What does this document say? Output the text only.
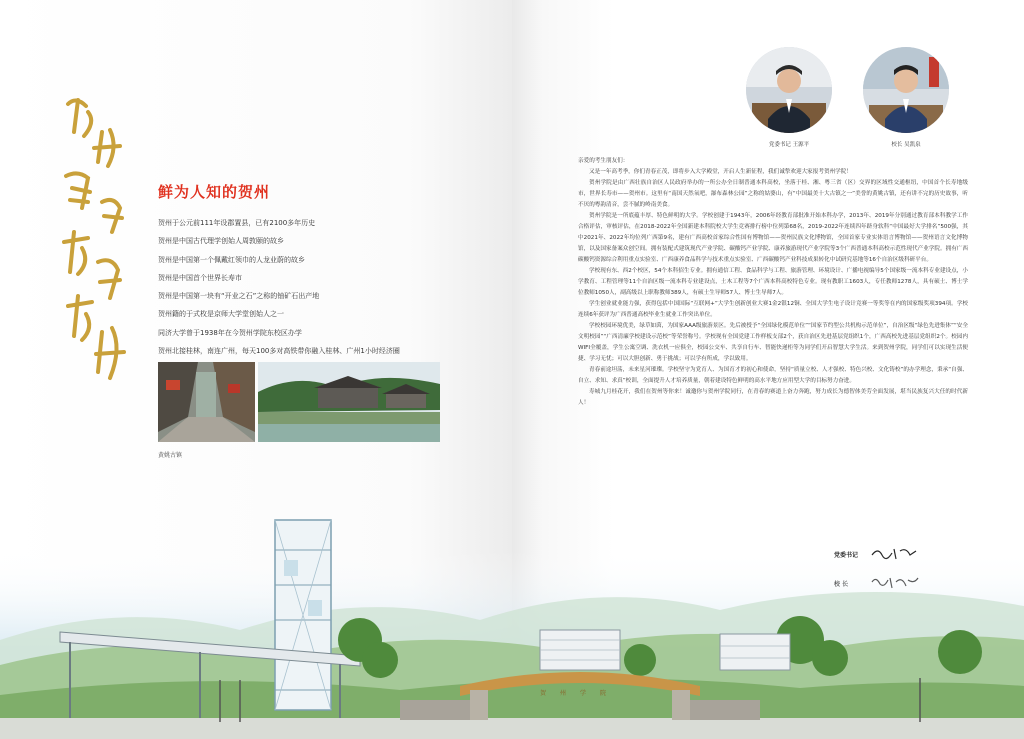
鲜为人知的贺州
贺州于公元前111年设郡置县，已有2100多年历史
贺州是中国古代理学创始人周敦颐的故乡
贺州是中国第一个佩戴红领巾的人龙业蔚的故乡
贺州是中国首个世界长寿市
贺州是中国第一块有“开业之石”之称的铀矿石出产地
贺州籍的于式枚是京师大学堂创始人之一
同济大学曾于1938年在今贺州学院东校区办学
贺州北接桂林，南连广州，每天100多对高铁带你融入桂林、广州1小时经济圈
黄姚古镇
党委书记 王源平	校长 吴凯泉

亲爱的考生朋友们：

又是一年高考季，你们青春正茂，即将步入大学殿堂，开启人生新征程，我们诚挚欢迎大家报考贺州学院！

贺州学院是由广西壮族自治区人民政府举办的一所公办全日制普通本科高校，坐落于桂、湘、粤三省（区）交界的区域性交通枢纽，中国首个长寿地级市，世界长寿市——贺州市。这里有“南国天然氧吧，瀑布森林公园”之称的姑婆山，有“中国最美十大古镇之一”美誉的黄姚古镇，还有讲不完的历史故事，听不厌的粤韵清音，尝不腻的岭南美食。

贺州学院是一所底蕴丰厚、特色鲜明的大学。学校创建于1943年，2006年经教育部批准开始本科办学，2013年、2019年分别通过教育部本科教学工作合格评估，审核评估，在2018-2022年全国新建本科院校大学生竞赛排行榜中位列第68名，2019-2022年连续四年跻身软科“中国最好大学排名”500强，其中2021年、2022年均位列广西第9名，建有广西高校首家综合性国有博物馆——贺州民族文化博物馆，全国首家专业实体语言博物馆——贺州语言文化博物馆，以及国家备案众创空间。拥有装配式建筑现代产业学院、碳酸钙产业学院、康养旅游现代产业学院等3个广西普通本科高校示范性现代产业学院。拥有广西碳酸钙资源综合利用重点实验室、广西康养食品科学与技术重点实验室、广西碳酸钙产业科技成果转化中试研究基地等16个自治区级科研平台。

学校现有东、西2个校区，54个本科招生专业。拥有通信工程、食品科学与工程、旅游管理、环境设计、广播电视编导5个国家级一流本科专业建设点，小学教育、工程管理等11个自治区级一流本科专业建设点，土木工程等7个广西本科高校特色专业。现有教职工1603人，专任教师1278人，具有硕士、博士学位教师1050人，副高级以上职称教师389人，有硕士生导师57人、博士生导师7人。

学生创业就业能力强，获得包括中国国际“互联网+”大学生创新创业大赛1金2银12铜、全国大学生电子设计竞赛一等奖等在内的国家级奖项394项。学校连续6年获评为广西普通高校毕业生就业工作突出单位。

学校校园环境优美，绿草如茵，为国家AAA级旅游景区。先后被授予“全国绿化模范单位”“国家节约型公共机构示范单位”，自治区级“绿色先进集体”“安全文明校园”“广西清廉学校建设示范校”等荣誉称号。学校现有全国党建工作样板支部2个，获自治区先进基层党组织1个，广西高校先进基层党组织2个。校园内WIFI全覆盖，学生公寓空调、洗衣机一应俱全，校园公交车、共享自行车、智能快递柜等为同学们开启智慧大学生活。来到贺州学院，同学们可以实现生活便捷、学习无忧；可以大胆创新、勇于挑战；可以学有所成，学以致用。

青春前途坦荡，未来星河璀璨。学校坚守为党育人、为国育才的初心和使命，坚持“质量立校、人才强校、特色兴校、文化铸校”的办学理念，秉承“自强、自立、求知、求真”校训，全面提升人才培养质量，朝着建设特色鲜明的高水平地方应用型大学的目标努力奋进。

寿城九月桂花开，我们在贺州等你来！诚邀你与贺州学院同行，在青春的赛道上奋力奔跑，努力成长为德智体美劳全面发展，堪当民族复兴大任的时代新人！

贺州学院
